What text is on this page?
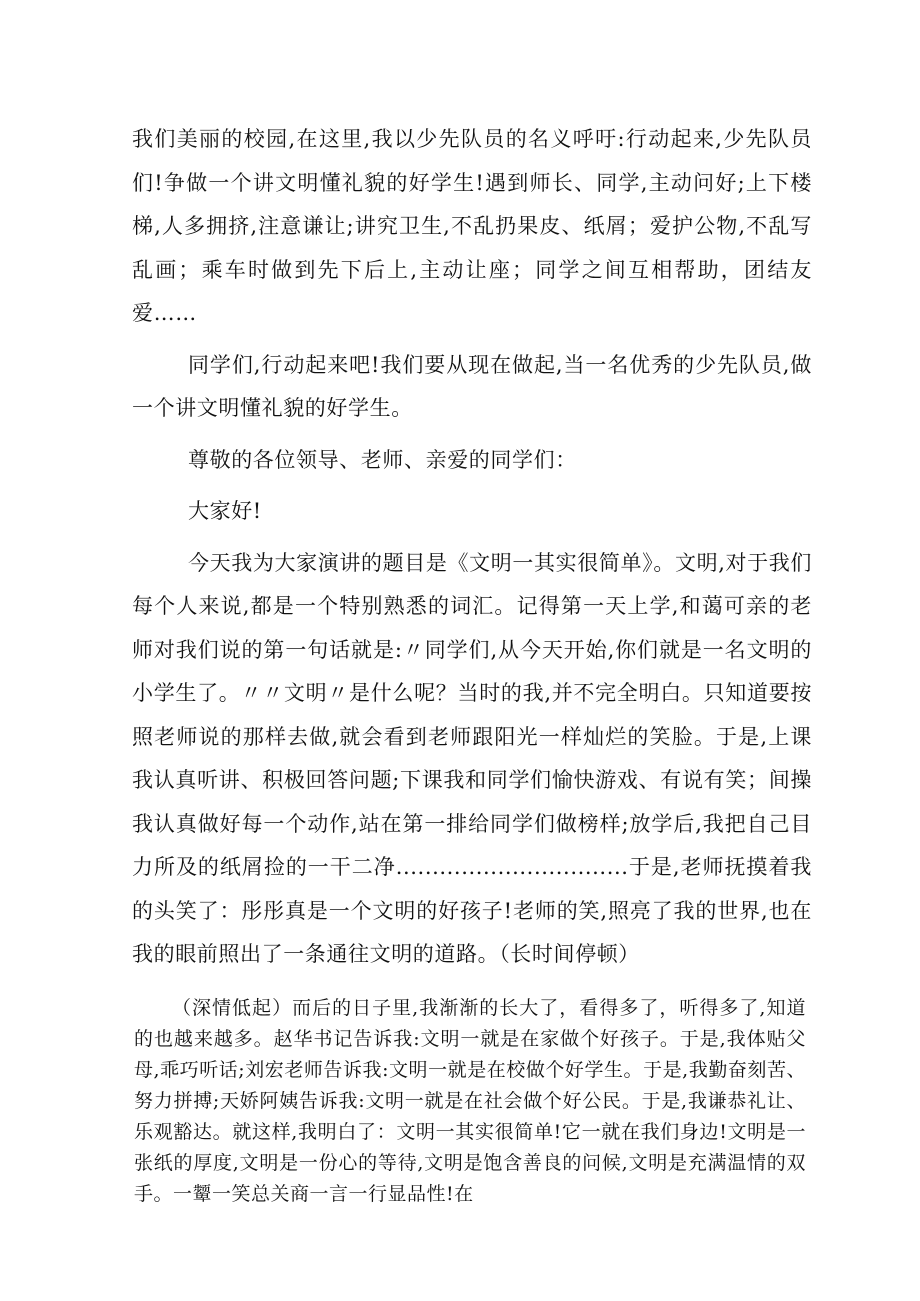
我们美丽的校园,在这里,我以少先队员的名义呼吁:行动起来,少先队员们!争做一个讲文明懂礼貌的好学生!遇到师长、同学,主动问好;上下楼梯,人多拥挤,注意谦让;讲究卫生,不乱扔果皮、纸屑；爱护公物,不乱写乱画；乘车时做到先下后上,主动让座；同学之间互相帮助，团结友爱……

同学们,行动起来吧!我们要从现在做起,当一名优秀的少先队员,做一个讲文明懂礼貌的好学生。

尊敬的各位领导、老师、亲爱的同学们：

大家好!

今天我为大家演讲的题目是《文明一其实很简单》。文明,对于我们每个人来说,都是一个特别熟悉的词汇。记得第一天上学,和蔼可亲的老师对我们说的第一句话就是:〃同学们,从今天开始,你们就是一名文明的小学生了。〃〃文明〃是什么呢？当时的我,并不完全明白。只知道要按照老师说的那样去做,就会看到老师跟阳光一样灿烂的笑脸。于是,上课我认真听讲、积极回答问题;下课我和同学们愉快游戏、有说有笑；间操我认真做好每一个动作,站在第一排给同学们做榜样;放学后,我把自己目力所及的纸屑捡的一干二净................................于是,老师抚摸着我的头笑了：彤彤真是一个文明的好孩子!老师的笑,照亮了我的世界,也在我的眼前照出了一条通往文明的道路。（长时间停顿）

（深情低起）而后的日子里,我渐渐的长大了，看得多了，听得多了,知道的也越来越多。赵华书记告诉我:文明一就是在家做个好孩子。于是,我体贴父母,乖巧听话;刘宏老师告诉我:文明一就是在校做个好学生。于是,我勤奋刻苦、努力拼搏;天娇阿姨告诉我:文明一就是在社会做个好公民。于是,我谦恭礼让、乐观豁达。就这样,我明白了：文明一其实很简单!它一就在我们身边!文明是一张纸的厚度,文明是一份心的等待,文明是饱含善良的问候,文明是充满温情的双手。一颦一笑总关商一言一行显品性!在
